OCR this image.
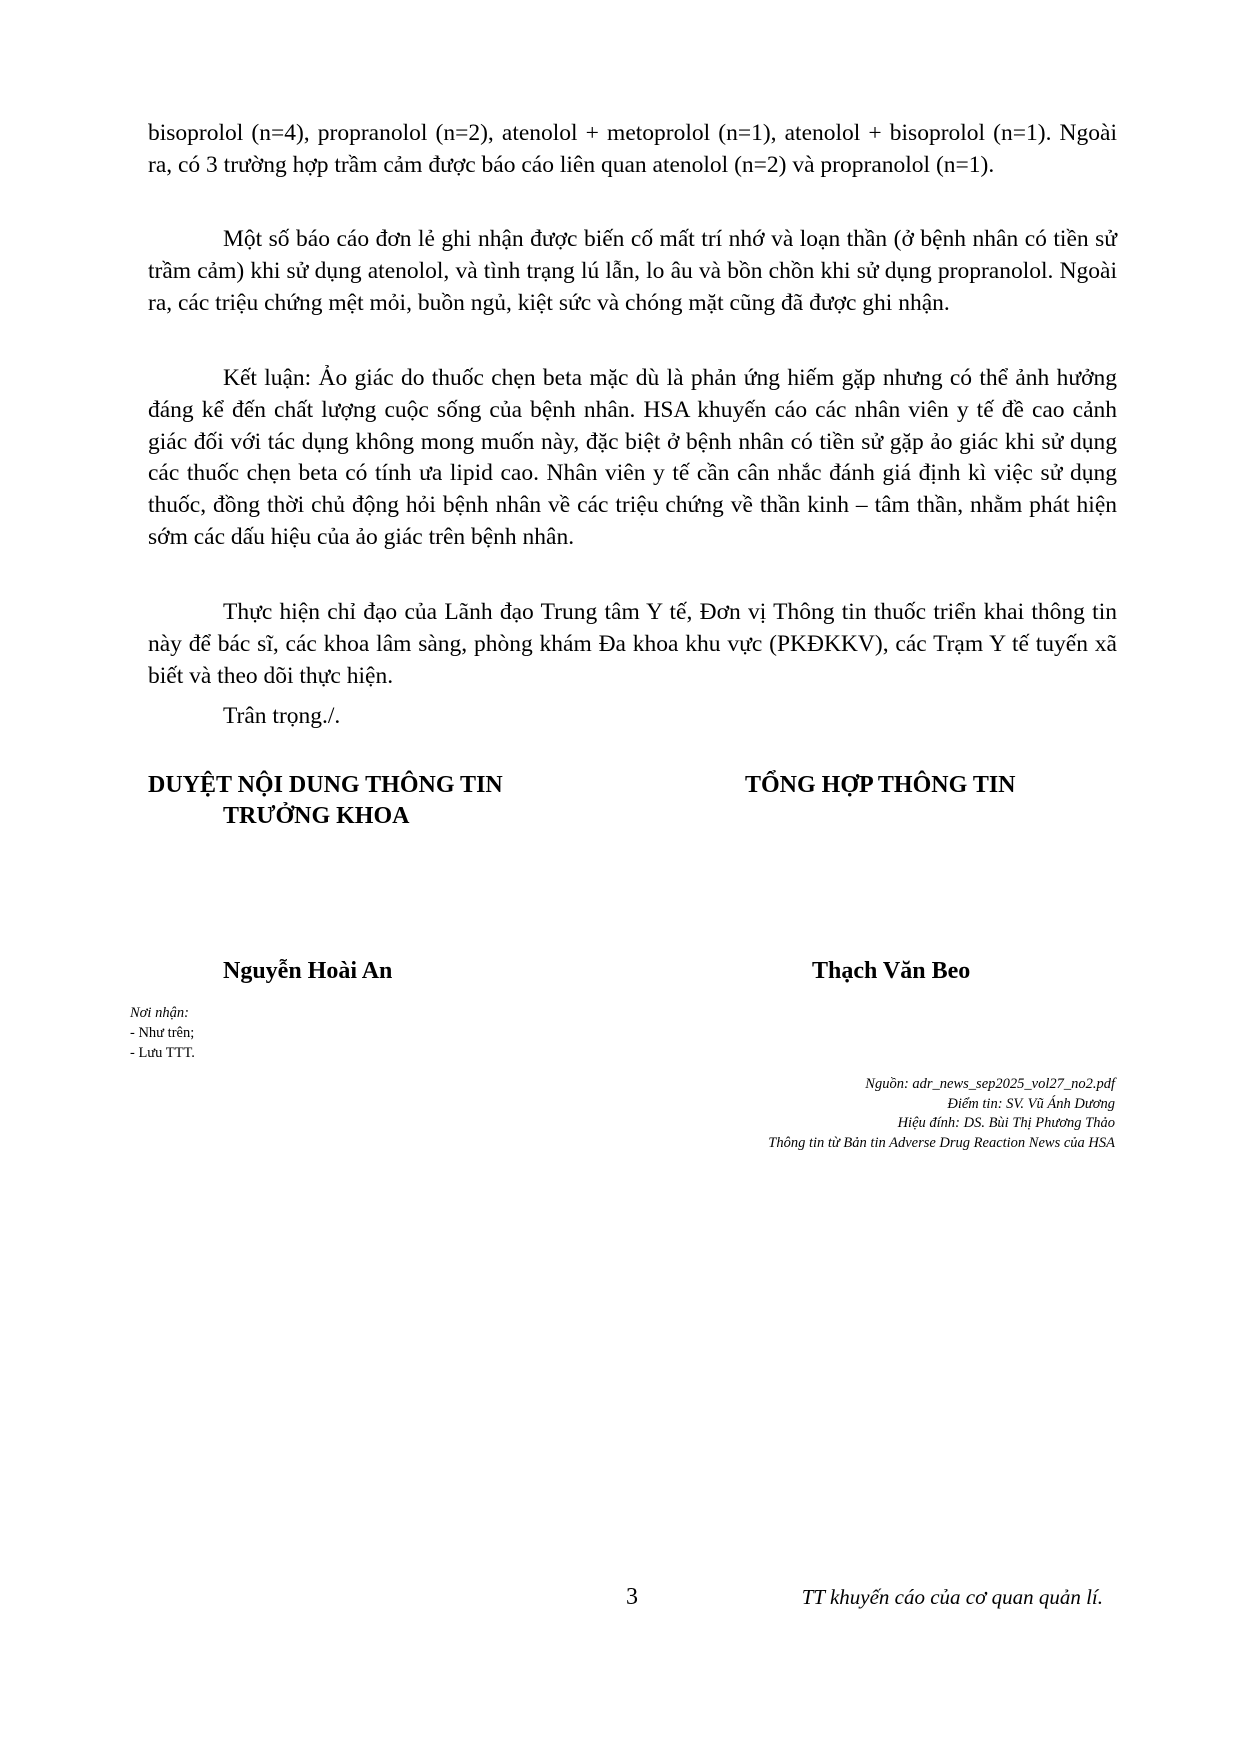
bisoprolol (n=4), propranolol (n=2), atenolol + metoprolol (n=1), atenolol + bisoprolol (n=1). Ngoài ra, có 3 trường hợp trầm cảm được báo cáo liên quan atenolol (n=2) và propranolol (n=1).

Một số báo cáo đơn lẻ ghi nhận được biến cố mất trí nhớ và loạn thần (ở bệnh nhân có tiền sử trầm cảm) khi sử dụng atenolol, và tình trạng lú lẫn, lo âu và bồn chồn khi sử dụng propranolol. Ngoài ra, các triệu chứng mệt mỏi, buồn ngủ, kiệt sức và chóng mặt cũng đã được ghi nhận.

Kết luận: Ảo giác do thuốc chẹn beta mặc dù là phản ứng hiếm gặp nhưng có thể ảnh hưởng đáng kể đến chất lượng cuộc sống của bệnh nhân. HSA khuyến cáo các nhân viên y tế đề cao cảnh giác đối với tác dụng không mong muốn này, đặc biệt ở bệnh nhân có tiền sử gặp ảo giác khi sử dụng các thuốc chẹn beta có tính ưa lipid cao. Nhân viên y tế cần cân nhắc đánh giá định kì việc sử dụng thuốc, đồng thời chủ động hỏi bệnh nhân về các triệu chứng về thần kinh – tâm thần, nhằm phát hiện sớm các dấu hiệu của ảo giác trên bệnh nhân.

Thực hiện chỉ đạo của Lãnh đạo Trung tâm Y tế, Đơn vị Thông tin thuốc triển khai thông tin này để bác sĩ, các khoa lâm sàng, phòng khám Đa khoa khu vực (PKĐKKV), các Trạm Y tế tuyến xã biết và theo dõi thực hiện.

Trân trọng./.

DUYỆT NỘI DUNG THÔNG TIN

TRƯỞNG KHOA

Nguyễn Hoài An

TỔNG HỢP THÔNG TIN

Thạch Văn Beo

Nơi nhận:
- Như trên;
- Lưu TTT.
Nguồn: adr_news_sep2025_vol27_no2.pdf
Điểm tin: SV. Vũ Ánh Dương
Hiệu đính: DS. Bùi Thị Phương Thảo
Thông tin từ Bản tin Adverse Drug Reaction News của HSA
3	TT khuyến cáo của cơ quan quản lí.
